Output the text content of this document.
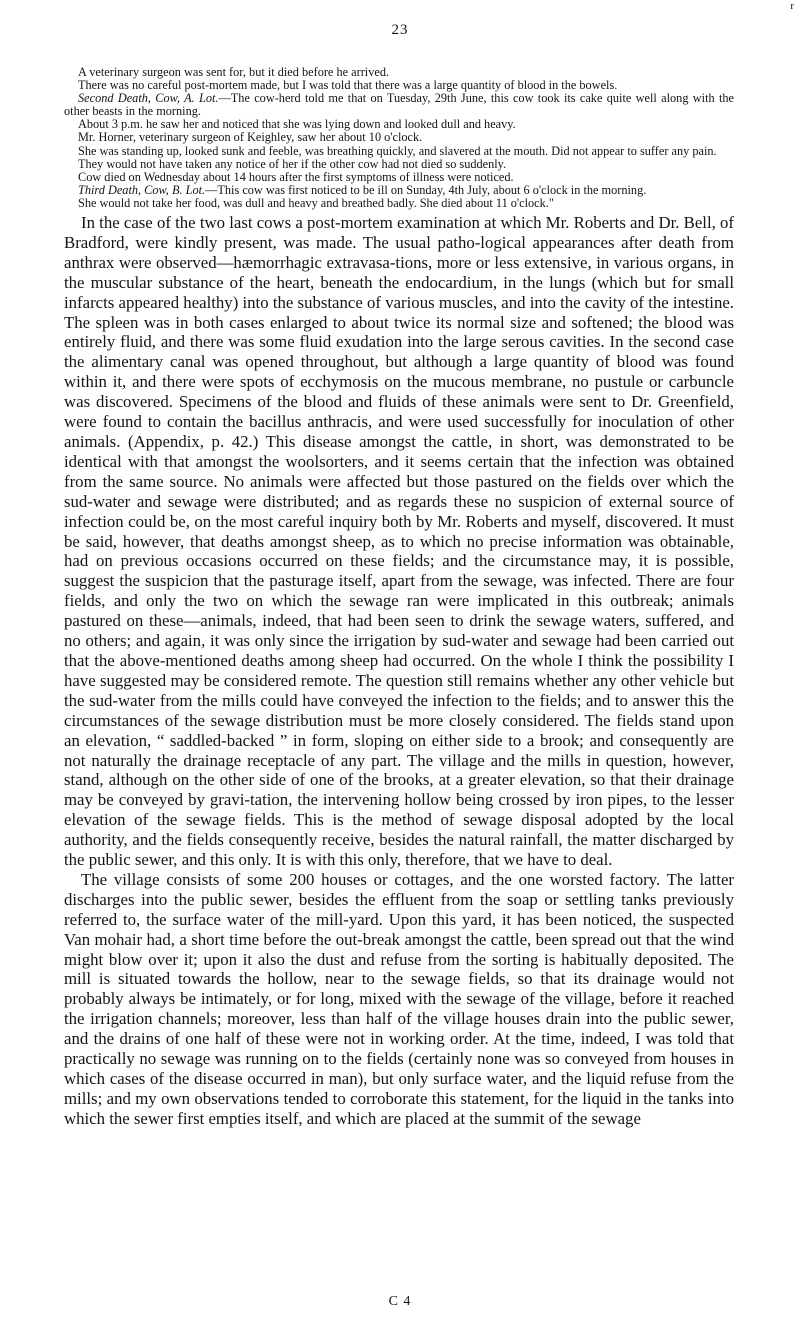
r
23

A veterinary surgeon was sent for, but it died before he arrived.

There was no careful post-mortem made, but I was told that there was a large quantity of blood in the bowels.

Second Death, Cow, A. Lot.—The cow-herd told me that on Tuesday, 29th June, this cow took its cake quite well along with the other beasts in the morning.

About 3 p.m. he saw her and noticed that she was lying down and looked dull and heavy.

Mr. Horner, veterinary surgeon of Keighley, saw her about 10 o'clock.

She was standing up, looked sunk and feeble, was breathing quickly, and slavered at the mouth. Did not appear to suffer any pain.

They would not have taken any notice of her if the other cow had not died so suddenly.

Cow died on Wednesday about 14 hours after the first symptoms of illness were noticed.

Third Death, Cow, B. Lot.—This cow was first noticed to be ill on Sunday, 4th July, about 6 o'clock in the morning.

She would not take her food, was dull and heavy and breathed badly. She died about 11 o'clock."

In the case of the two last cows a post-mortem examination at which Mr. Roberts and Dr. Bell, of Bradford, were kindly present, was made. The usual patho-logical appearances after death from anthrax were observed—hæmorrhagic extravasa-tions, more or less extensive, in various organs, in the muscular substance of the heart, beneath the endocardium, in the lungs (which but for small infarcts appeared healthy) into the substance of various muscles, and into the cavity of the intestine. The spleen was in both cases enlarged to about twice its normal size and softened; the blood was entirely fluid, and there was some fluid exudation into the large serous cavities. In the second case the alimentary canal was opened throughout, but although a large quantity of blood was found within it, and there were spots of ecchymosis on the mucous membrane, no pustule or carbuncle was discovered. Specimens of the blood and fluids of these animals were sent to Dr. Greenfield, were found to contain the bacillus anthracis, and were used successfully for inoculation of other animals. (Appendix, p. 42.) This disease amongst the cattle, in short, was demonstrated to be identical with that amongst the woolsorters, and it seems certain that the infection was obtained from the same source. No animals were affected but those pastured on the fields over which the sud-water and sewage were distributed; and as regards these no suspicion of external source of infection could be, on the most careful inquiry both by Mr. Roberts and myself, discovered. It must be said, however, that deaths amongst sheep, as to which no precise information was obtainable, had on previous occasions occurred on these fields; and the circumstance may, it is possible, suggest the suspicion that the pasturage itself, apart from the sewage, was infected. There are four fields, and only the two on which the sewage ran were implicated in this outbreak; animals pastured on these—animals, indeed, that had been seen to drink the sewage waters, suffered, and no others; and again, it was only since the irrigation by sud-water and sewage had been carried out that the above-mentioned deaths among sheep had occurred. On the whole I think the possibility I have suggested may be considered remote. The question still remains whether any other vehicle but the sud-water from the mills could have conveyed the infection to the fields; and to answer this the circumstances of the sewage distribution must be more closely considered. The fields stand upon an elevation, “ saddled-backed ” in form, sloping on either side to a brook; and consequently are not naturally the drainage receptacle of any part. The village and the mills in question, however, stand, although on the other side of one of the brooks, at a greater elevation, so that their drainage may be conveyed by gravi-tation, the intervening hollow being crossed by iron pipes, to the lesser elevation of the sewage fields. This is the method of sewage disposal adopted by the local authority, and the fields consequently receive, besides the natural rainfall, the matter discharged by the public sewer, and this only. It is with this only, therefore, that we have to deal.

The village consists of some 200 houses or cottages, and the one worsted factory. The latter discharges into the public sewer, besides the effluent from the soap or settling tanks previously referred to, the surface water of the mill-yard. Upon this yard, it has been noticed, the suspected Van mohair had, a short time before the out-break amongst the cattle, been spread out that the wind might blow over it; upon it also the dust and refuse from the sorting is habitually deposited. The mill is situated towards the hollow, near to the sewage fields, so that its drainage would not probably always be intimately, or for long, mixed with the sewage of the village, before it reached the irrigation channels; moreover, less than half of the village houses drain into the public sewer, and the drains of one half of these were not in working order. At the time, indeed, I was told that practically no sewage was running on to the fields (certainly none was so conveyed from houses in which cases of the disease occurred in man), but only surface water, and the liquid refuse from the mills; and my own observations tended to corroborate this statement, for the liquid in the tanks into which the sewer first empties itself, and which are placed at the summit of the sewage

C 4
